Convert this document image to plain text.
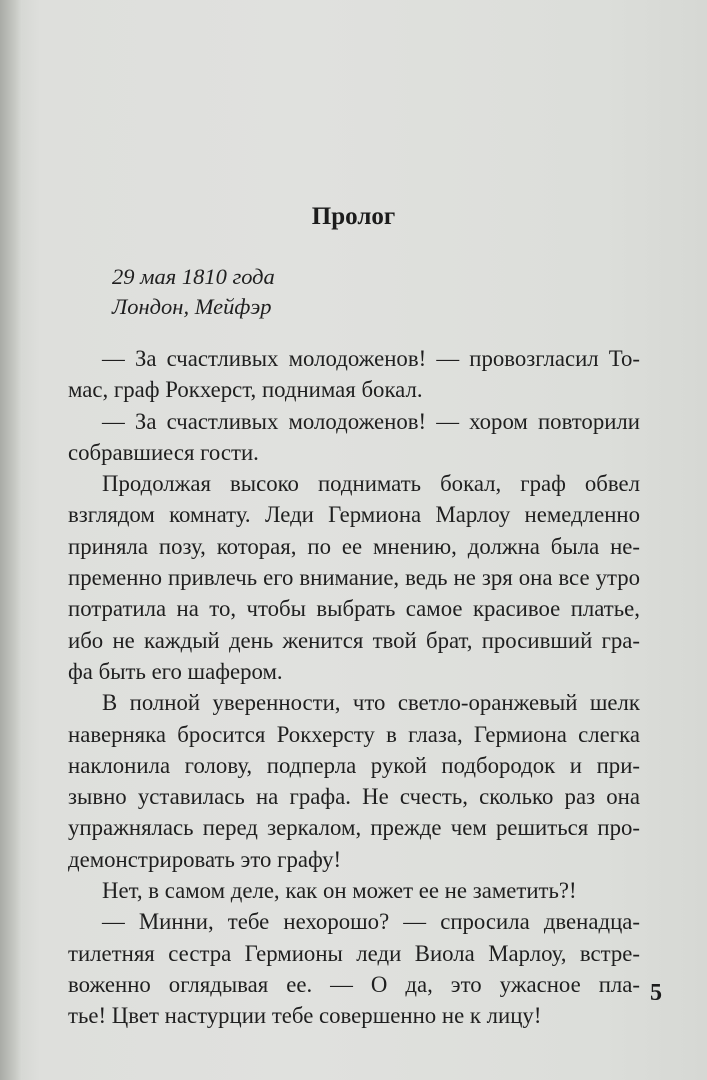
Пролог
29 мая 1810 года
Лондон, Мейфэр
— За счастливых молодоженов! — провозгласил То-
мас, граф Рокхерст, поднимая бокал.
— За счастливых молодоженов! — хором повторили
собравшиеся гости.
Продолжая высоко поднимать бокал, граф обвел
взглядом комнату. Леди Гермиона Марлоу немедленно
приняла позу, которая, по ее мнению, должна была не-
пременно привлечь его внимание, ведь не зря она все утро
потратила на то, чтобы выбрать самое красивое платье,
ибо не каждый день женится твой брат, просивший гра-
фа быть его шафером.
В полной уверенности, что светло-оранжевый шелк
наверняка бросится Рокхерсту в глаза, Гермиона слегка
наклонила голову, подперла рукой подбородок и при-
зывно уставилась на графа. Не счесть, сколько раз она
упражнялась перед зеркалом, прежде чем решиться про-
демонстрировать это графу!
Нет, в самом деле, как он может ее не заметить?!
— Минни, тебе нехорошо? — спросила двенадца-
тилетняя сестра Гермионы леди Виола Марлоу, встре-
воженно оглядывая ее. — О да, это ужасное пла-
тье! Цвет настурции тебе совершенно не к лицу!
5
